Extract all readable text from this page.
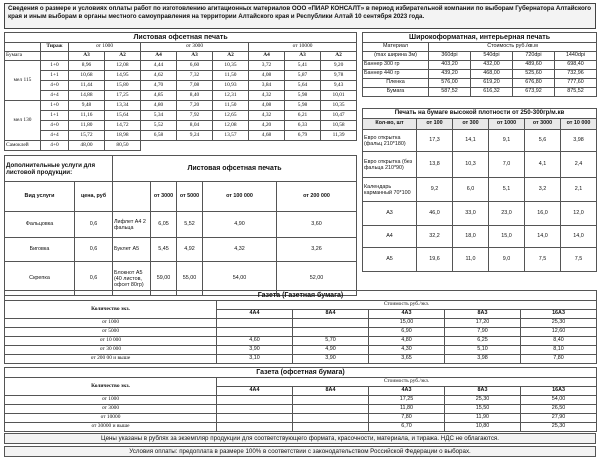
Сведения о размере и условиях оплаты работ по изготовлению агитационных материалов ООО «ПИАР КОНСАЛТ» в период избирательной компании по выборам Губернатора Алтайского края и иным выборам в органы местного самоуправления на территории Алтайского края и Республики Алтай 10 сентября 2023 года.
Листовая офсетная печать									
	Тираж	от 1000		от 3000			от 10000		
Бумага		А3	А2	А4	А3	А2	А4	А3	А2
мел 115	1+0	8,96	12,08	4,44	6,60	10,35	3,72	5,41	9,20
	1+1	10,68	14,95	4,62	7,32	11,50	4,08	5,87	9,78
	4+0	11,44	15,80	4,70	7,08	10,93	3,84	5,64	9,43
	4+4	14,88	17,25	4,85	8,40	12,31	4,32	5,98	10,01
мел 130	1+0	9,48	13,34	4,80	7,20	11,50	4,08	5,98	10,35
	1+1	11,16	15,64	5,34	7,92	12,65	4,32	6,21	10,47
	4+0	11,80	14,72	5,52	8,04	12,08	4,20	6,33	10,58
	4+4	15,72	18,98	6,58	9,24	13,57	4,68	6,79	11,39
Самоклей	4+0	48,00	80,50						
Широкоформатная, интерьерная печать				
Материал	Стоимость руб./кв.м			
(max ширина 3м)	360dpi	540dpi	720dpi	1440dpi
Баннер 300 гр	403,20	432,00	489,60	698,40
Баннер 440 гр	439,20	468,00	525,60	732,96
Пленка	576,00	619,20	676,80	777,60
Бумага	587,52	616,32	673,92	875,52
Печать на бумаге высокой плотности от 250-300гр/м.кв					
Кол-во, шт	от 100	от 300	от 1000	от 3000	от 10 000
Евро открытка (фальц 210*180)	17,3	14,1	9,1	5,6	3,98
Евро открытка (без фальца 210*90)	13,8	10,3	7,0	4,1	2,4
Календарь карманный 70*100	9,2	6,0	5,1	3,2	2,1
А3	46,0	33,0	23,0	16,0	12,0
А4	32,2	18,0	15,0	14,0	14,0
А5	19,6	11,0	9,0	7,5	7,5
Дополнительные услуги для листовой продукции:		Листовая офсетная печать				
Вид услуги	цена, руб		от 3000	от 5000	от 100 000	от 200 000
Фальцовка	0,6	Лифлет А4 2 фальца	6,05	5,52	4,90	3,60
Биговка	0,6	Буклет А5	5,45	4,92	4,32	3,26
Скрепка	0,6	Блокнот А5 (40 листов, офсет 80гр)	59,00	55,00	54,00	52,00
Газета (Газетная бумага)					
Количество экз.	Стоимость руб./экз.				
	4А4	8А4	4А3	8А3	16А3
от 1000			15,00	17,20	25,30
от 5000			6,90	7,90	12,60
от 10 000	4,60	5,70	4,80	6,25	8,40
от 30 000	3,90	4,90	4,30	5,10	8,10
от 200 00 и выше	3,10	3,90	3,65	3,98	7,80
Газета (офсетная бумага)					
Количество экз.	Стоимость руб./экз.				
	4А4	8А4	4А3	8А3	16А3
от 1000			17,25	25,30	54,00
от 3000			11,80	15,50	26,50
от 10000			7,80	11,90	27,90
от 30000 и выше			6,70	10,80	25,30
Цены указаны в рублях за экземпляр продукции для соответствующего формата, красочности, материала, и тиража. НДС не облагаются.
Условия оплаты: предоплата в размере 100% в соответствии с законодательством Российской Федерации о выборах.
